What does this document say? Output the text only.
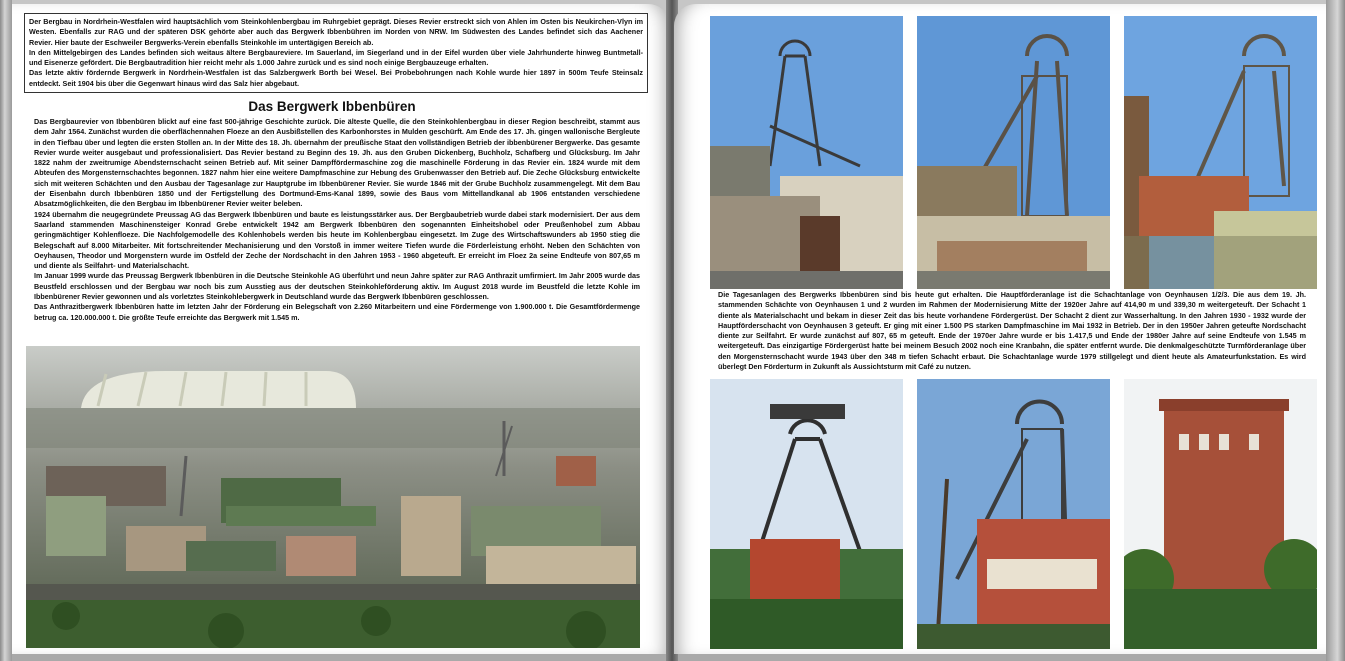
Der Bergbau in Nordrhein-Westfalen wird hauptsächlich vom Steinkohlenbergbau im Ruhrgebiet geprägt. Dieses Revier erstreckt sich von Ahlen im Osten bis Neukirchen-Vlyn im Westen. Ebenfalls zur RAG und der späteren DSK gehörte aber auch das Bergwerk Ibbenbühren im Norden von NRW. Im Südwesten des Landes befindet sich das Aachener Revier. Hier baute der Eschweiler Bergwerks-Verein ebenfalls Steinkohle im untertägigen Bereich ab.

In den Mittelgebirgen des Landes befinden sich weitaus ältere Bergbaureviere. Im Sauerland, im Siegerland und in der Eifel wurden über viele Jahrhunderte hinweg Buntmetall- und Eisenerze gefördert. Die Bergbautradition hier reicht mehr als 1.000 Jahre zurück und es sind noch einige Bergbauzeuge erhalten.

Das letzte aktiv fördernde Bergwerk in Nordrhein-Westfalen ist das Salzbergwerk Borth bei Wesel. Bei Probebohrungen nach Kohle wurde hier 1897 in 500m Teufe Steinsalz entdeckt. Seit 1904 bis über die Gegenwart hinaus wird das Salz hier abgebaut.

Das Bergwerk Ibbenbüren

Das Bergbaurevier von Ibbenbüren blickt auf eine fast 500-jährige Geschichte zurück. Die älteste Quelle, die den Steinkohlenbergbau in dieser Region beschreibt, stammt aus dem Jahr 1564. Zunächst wurden die oberflächennahen Floeze an den Ausbißstellen des Karbonhorstes in Mulden geschürft. Am Ende des 17. Jh. gingen wallonische Bergleute in den Tiefbau über und legten die ersten Stollen an. In der Mitte des 18. Jh. übernahm der preußische Staat den vollständigen Betrieb der ibbenbürener Bergwerke. Das gesamte Revier wurde weiter ausgebaut und professionalisiert. Das Revier bestand zu Beginn des 19. Jh. aus den Gruben Dickenberg, Buchholz, Schafberg und Glücksburg. Im Jahr 1822 nahm der zweitrumige Abendsternschacht seinen Betrieb auf. Mit seiner Dampffördermaschine zog die maschinelle Förderung in das Revier ein. 1824 wurde mit dem Abteufen des Morgensternschachtes begonnen. 1827 nahm hier eine weitere Dampfmaschine zur Hebung des Grubenwasser den Betrieb auf. Die Zeche Glücksburg entwickelte sich mit weiteren Schächten und den Ausbau der Tagesanlage zur Hauptgrube im Ibbenbürener Revier. Sie wurde 1846 mit der Grube Buchholz zusammengelegt. Mit dem Bau der Eisenbahn durch Ibbenbüren 1850 und der Fertigstellung des Dortmund-Ems-Kanal 1899, sowie des Baus vom Mittellandkanal ab 1906 entstanden verschiedene Absatzmöglichkeiten, die den Bergbau im Ibbenbürener Revier weiter beleben.

1924 übernahm die neugegründete Preussag AG das Bergwerk Ibbenbüren und baute es leistungsstärker aus. Der Bergbaubetrieb wurde dabei stark modernisiert. Der aus dem Saarland stammenden Maschinensteiger Konrad Grebe entwickelt 1942 am Bergwerk Ibbenbüren den sogenannten Einheitshobel oder Preußenhobel zum Abbau geringmächtiger Kohlenfloeze. Die Nachfolgemodelle des Kohlenhobels werden bis heute im Kohlenbergbau eingesetzt. Im Zuge des Wirtschaftswunders ab 1950 stieg die Belegschaft auf 8.000 Mitarbeiter. Mit fortschreitender Mechanisierung und den Vorstoß in immer weitere Tiefen wurde die Förderleistung erhöht. Neben den Schächten von Oeyhausen, Theodor und Morgenstern wurde im Ostfeld der Zeche der Nordschacht in den Jahren 1953 - 1960 abgeteuft. Er erreicht im Floez 2a seine Endteufe von 807,65 m und diente als Seilfahrt- und Materialschacht.

Im Januar 1999 wurde das Preussag Bergwerk Ibbenbüren in die Deutsche Steinkohle AG überführt und neun Jahre später zur RAG Anthrazit umfirmiert. Im Jahr 2005 wurde das Beustfeld erschlossen und der Bergbau war noch bis zum Ausstieg aus der deutschen Steinkohleförderung aktiv. Im August 2018 wurde im Beustfeld die letzte Kohle im Ibbenbürener Revier gewonnen und als vorletztes Steinkohlebergwerk in Deutschland wurde das Bergwerk Ibbenbüren geschlossen.

Das Anthrazitbergwerk Ibbenbüren hatte im letzten Jahr der Förderung ein Belegschaft von 2.260 Mitarbeitern und eine Fördermenge von 1.900.000 t. Die Gesamtfördermenge betrug ca. 120.000.000 t. Die größte Teufe erreichte das Bergwerk mit 1.545 m.

Die Tagesanlagen des Bergwerks Ibbenbüren sind bis heute gut erhalten. Die Hauptförderanlage ist die Schachtanlage von Oeynhausen 1/2/3. Die aus dem 19. Jh. stammenden Schächte von Oeynhausen 1 und 2 wurden im Rahmen der Modernisierung Mitte der 1920er Jahre auf 414,90 m und 339,30 m weitergeteuft. Der Schacht 1 diente als Materialschacht und bekam in dieser Zeit das bis heute vorhandene Fördergerüst. Der Schacht 2 dient zur Wasserhaltung. In den Jahren 1930 - 1932 wurde der Hauptförderschacht von Oeynhausen 3 geteuft. Er ging mit einer 1.500 PS starken Dampfmaschine im Mai 1932 in Betrieb. Der in den 1950er Jahren geteufte Nordschacht diente zur Seilfahrt. Er wurde zunächst auf 807, 65 m geteuft. Ende der 1970er Jahre wurde er bis 1.417,5 und Ende der 1980er Jahre auf seine Endteufe von 1.545 m weitergeteuft. Das einzigartige Fördergerüst hatte bei meinem Besuch 2002 noch eine Kranbahn, die später entfernt wurde. Die denkmalgeschützte Turmförderanlage über den Morgensternschacht wurde 1943 über den 348 m tiefen Schacht erbaut. Die Schachtanlage wurde 1979 stillgelegt und dient heute als Amateurfunkstation. Es wird überlegt Den Förderturm in Zukunft als Aussichtsturm mit Café zu nutzen.
